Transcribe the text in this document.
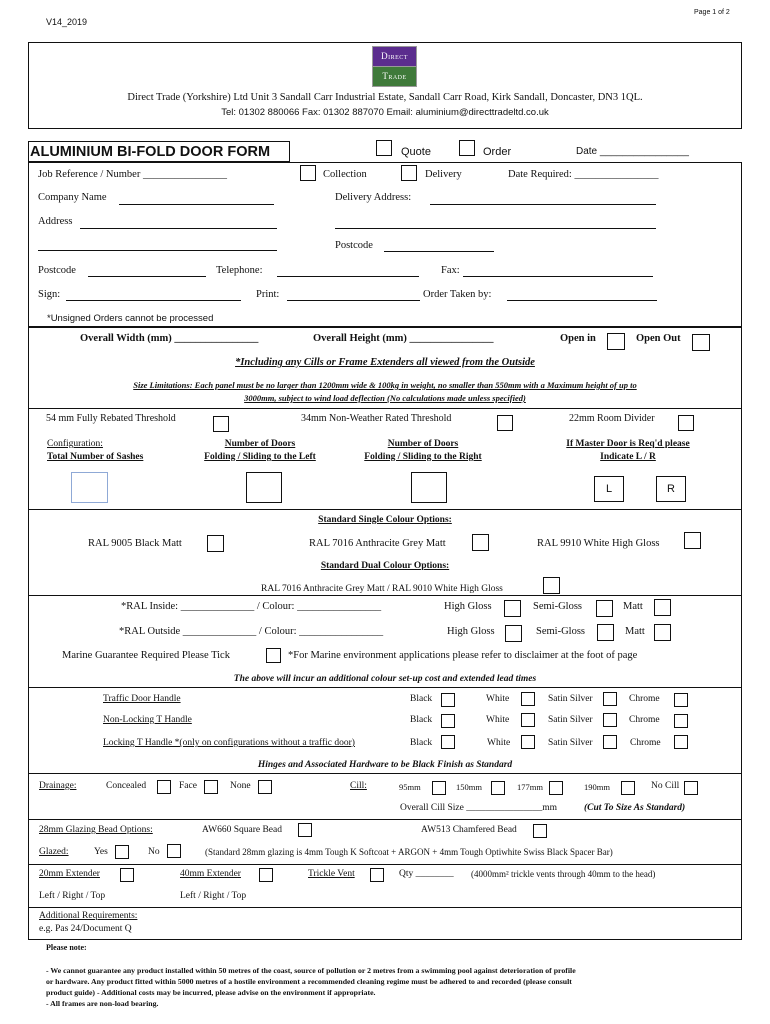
V14_2019
Page 1 of 2
Direct
Trade
Direct Trade (Yorkshire) Ltd Unit 3 Sandall Carr Industrial Estate, Sandall Carr Road, Kirk Sandall, Doncaster, DN3 1QL.
Tel: 01302 880066 Fax: 01302 887070 Email: aluminium@directtradeltd.co.uk
ALUMINIUM BI-FOLD DOOR FORM	Quote	Order	Date ________________
Job Reference / Number ________________	Collection	Delivery	Date Required: ________________
Company Name	Delivery Address:
Address
Postcode
Postcode	Telephone:	Fax:
Sign:	Print:	Order Taken by:
*Unsigned Orders cannot be processed
Overall Width (mm) ________________	Overall Height (mm) ________________	Open in	Open Out
*Including any Cills or Frame Extenders all viewed from the Outside
Size Limitations: Each panel must be no larger than 1200mm wide & 100kg in weight, no smaller than 550mm with a Maximum height of up to
3000mm, subject to wind load deflection (No calculations made unless specified)
54 mm Fully Rebated Threshold	34mm Non-Weather Rated Threshold	22mm Room Divider
Configuration:
Total Number of Sashes
Number of Doors
Folding / Sliding to the Left
Number of Doors
Folding / Sliding to the Right
If Master Door is Req'd please
Indicate L / R
L	R
Standard Single Colour Options:
RAL 9005 Black Matt	RAL 7016 Anthracite Grey Matt	RAL 9910 White High Gloss
Standard Dual Colour Options:
RAL 7016 Anthracite Grey Matt / RAL 9010 White High Gloss
*RAL Inside: ______________ / Colour: ________________	High Gloss	Semi-Gloss	Matt
*RAL Outside ______________ / Colour: ________________	High Gloss	Semi-Gloss	Matt
Marine Guarantee Required Please Tick	*For Marine environment applications please refer to disclaimer at the foot of page
The above will incur an additional colour set-up cost and extended lead times
Traffic Door Handle	Black	White	Satin Silver	Chrome
Non-Locking T Handle	Black	White	Satin Silver	Chrome
Locking T Handle *(only on configurations without a traffic door)	Black	White	Satin Silver	Chrome
Hinges and Associated Hardware to be Black Finish as Standard
Drainage:	Concealed	Face	None	Cill:	95mm	150mm	177mm	190mm	No Cill
Overall Cill Size ________________mm	(Cut To Size As Standard)
28mm Glazing Bead Options:	AW660 Square Bead	AW513 Chamfered Bead
Glazed:	Yes	No	(Standard 28mm glazing is 4mm Tough K Softcoat + ARGON + 4mm Tough Optiwhite Swiss Black Spacer Bar)
20mm Extender	40mm Extender	Trickle Vent	Qty ________ (4000mm² trickle vents through 40mm to the head)
Left / Right / Top	Left / Right / Top
Additional Requirements:
e.g. Pas 24/Document Q
Please note:
- We cannot guarantee any product installed within 50 metres of the coast, source of pollution or 2 metres from a swimming pool against deterioration of profile
or hardware. Any product fitted within 5000 metres of a hostile environment a recommended cleaning regime must be adhered to and recorded (please consult
product guide) - Additional costs may be incurred, please advise on the environment if appropriate.
- All frames are non-load bearing.
